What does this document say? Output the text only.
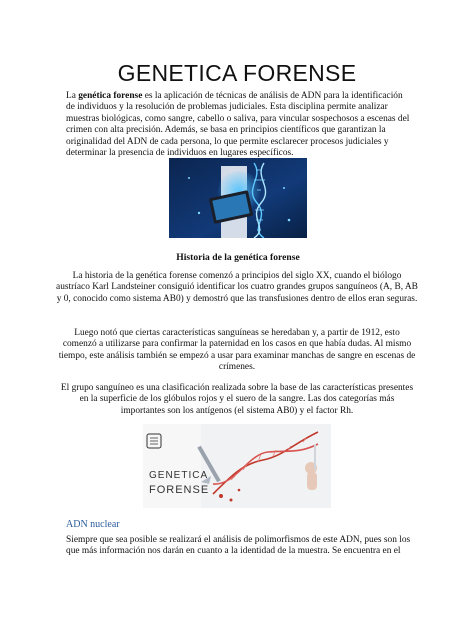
GENETICA FORENSE
La genética forense es la aplicación de técnicas de análisis de ADN para la identificación de individuos y la resolución de problemas judiciales. Esta disciplina permite analizar muestras biológicas, como sangre, cabello o saliva, para vincular sospechosos a escenas del crimen con alta precisión. Además, se basa en principios científicos que garantizan la originalidad del ADN de cada persona, lo que permite esclarecer procesos judiciales y determinar la presencia de individuos en lugares específicos.
Historia de la genética forense
La historia de la genética forense comenzó a principios del siglo XX, cuando el biólogo austríaco Karl Landsteiner consiguió identificar los cuatro grandes grupos sanguíneos (A, B, AB y 0, conocido como sistema AB0) y demostró que las transfusiones dentro de ellos eran seguras.
Luego notó que ciertas características sanguíneas se heredaban y, a partir de 1912, esto comenzó a utilizarse para confirmar la paternidad en los casos en que había dudas. Al mismo tiempo, este análisis también se empezó a usar para examinar manchas de sangre en escenas de crímenes.
El grupo sanguíneo es una clasificación realizada sobre la base de las características presentes en la superficie de los glóbulos rojos y el suero de la sangre. Las dos categorías más importantes son los antígenos (el sistema AB0) y el factor Rh.
GENETICA
FORENSE
ADN nuclear
Siempre que sea posible se realizará el análisis de polimorfismos de este ADN, pues son los que más información nos darán en cuanto a la identidad de la muestra. Se encuentra en el
